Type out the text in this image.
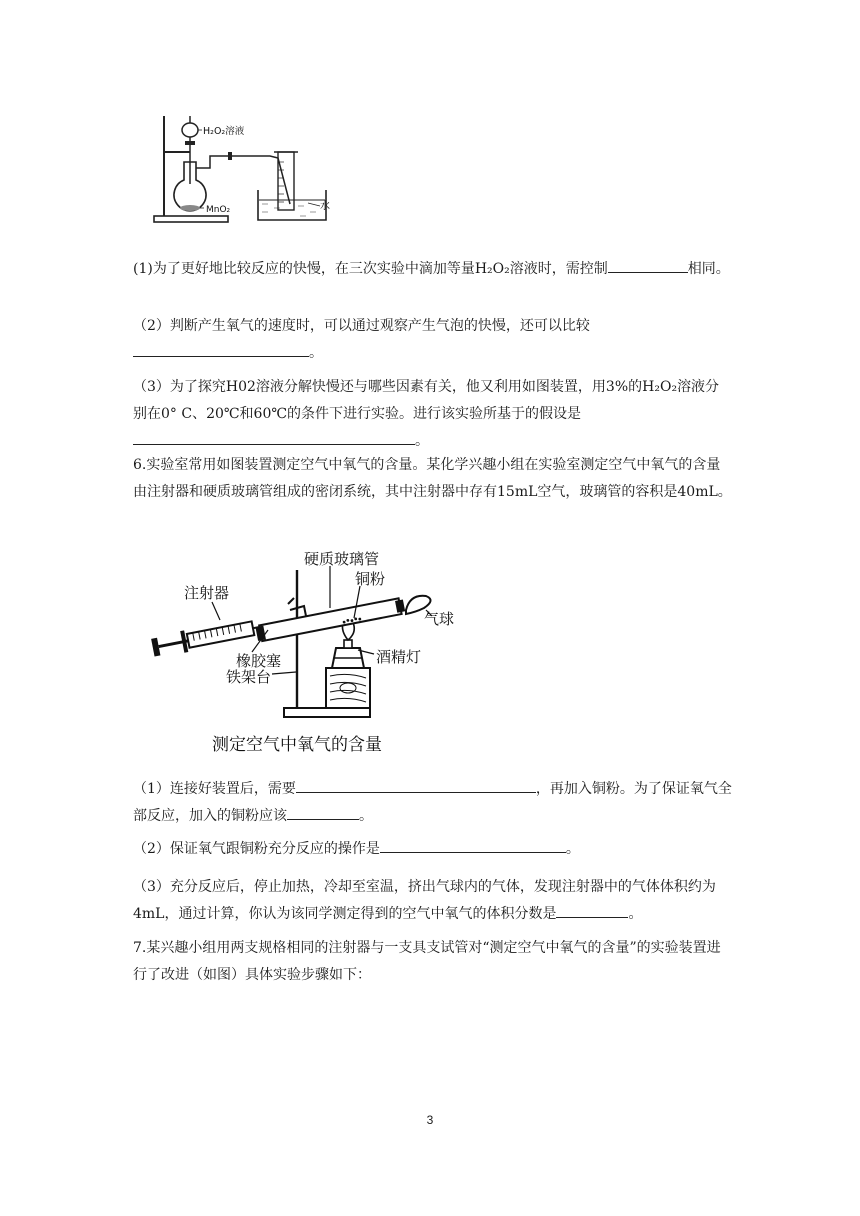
H₂O₂溶液
MnO₂	水

(1)为了更好地比较反应的快慢，在三次实验中滴加等量H₂O₂溶液时，需控制	相同。

（2）判断产生氧气的速度时，可以通过观察产生气泡的快慢，还可以比较。

（3）为了探究H02溶液分解快慢还与哪些因素有关，他又利用如图装置，用3%的H₂O₂溶液分别在0° C、20℃和60℃的条件下进行实验。进行该实验所基于的假设是。

6.实验室常用如图装置测定空气中氧气的含量。某化学兴趣小组在实验室测定空气中氧气的含量由注射器和硬质玻璃管组成的密闭系统，其中注射器中存有15mL空气，玻璃管的容积是40mL。

硬质玻璃管
铜粉
注射器
气球
橡胶塞	酒精灯
铁架台
测定空气中氧气的含量

（1）连接好装置后，需要	，再加入铜粉。为了保证氧气全部反应，加入的铜粉应该	。

（2）保证氧气跟铜粉充分反应的操作是	。

（3）充分反应后，停止加热，冷却至室温，挤出气球内的气体，发现注射器中的气体体积约为4mL，通过计算，你认为该同学测定得到的空气中氧气的体积分数是	。

7.某兴趣小组用两支规格相同的注射器与一支具支试管对“测定空气中氧气的含量”的实验装置进行了改进（如图）具体实验步骤如下：

3
